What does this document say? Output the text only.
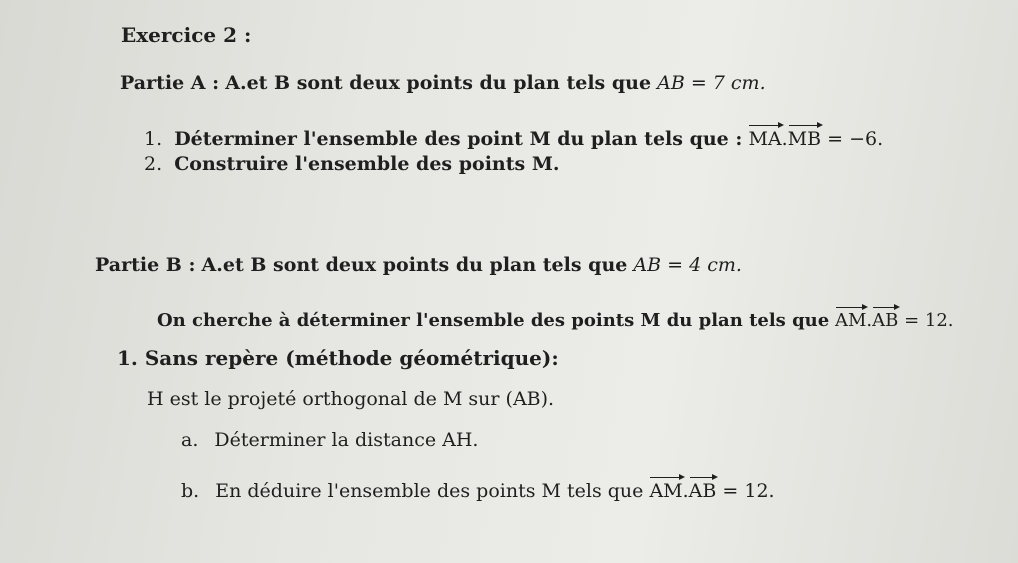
Exercice 2 :
Partie A : A.et B sont deux points du plan tels que AB = 7 cm.
1. Déterminer l'ensemble des point M du plan tels que : MA.MB = −6.
2. Construire l'ensemble des points M.
Partie B : A.et B sont deux points du plan tels que AB = 4 cm.
On cherche à déterminer l'ensemble des points M du plan tels que AM.AB = 12.
1. Sans repère (méthode géométrique):
H est le projeté orthogonal de M sur (AB).
a. Déterminer la distance AH.
b. En déduire l'ensemble des points M tels que AM.AB = 12.
